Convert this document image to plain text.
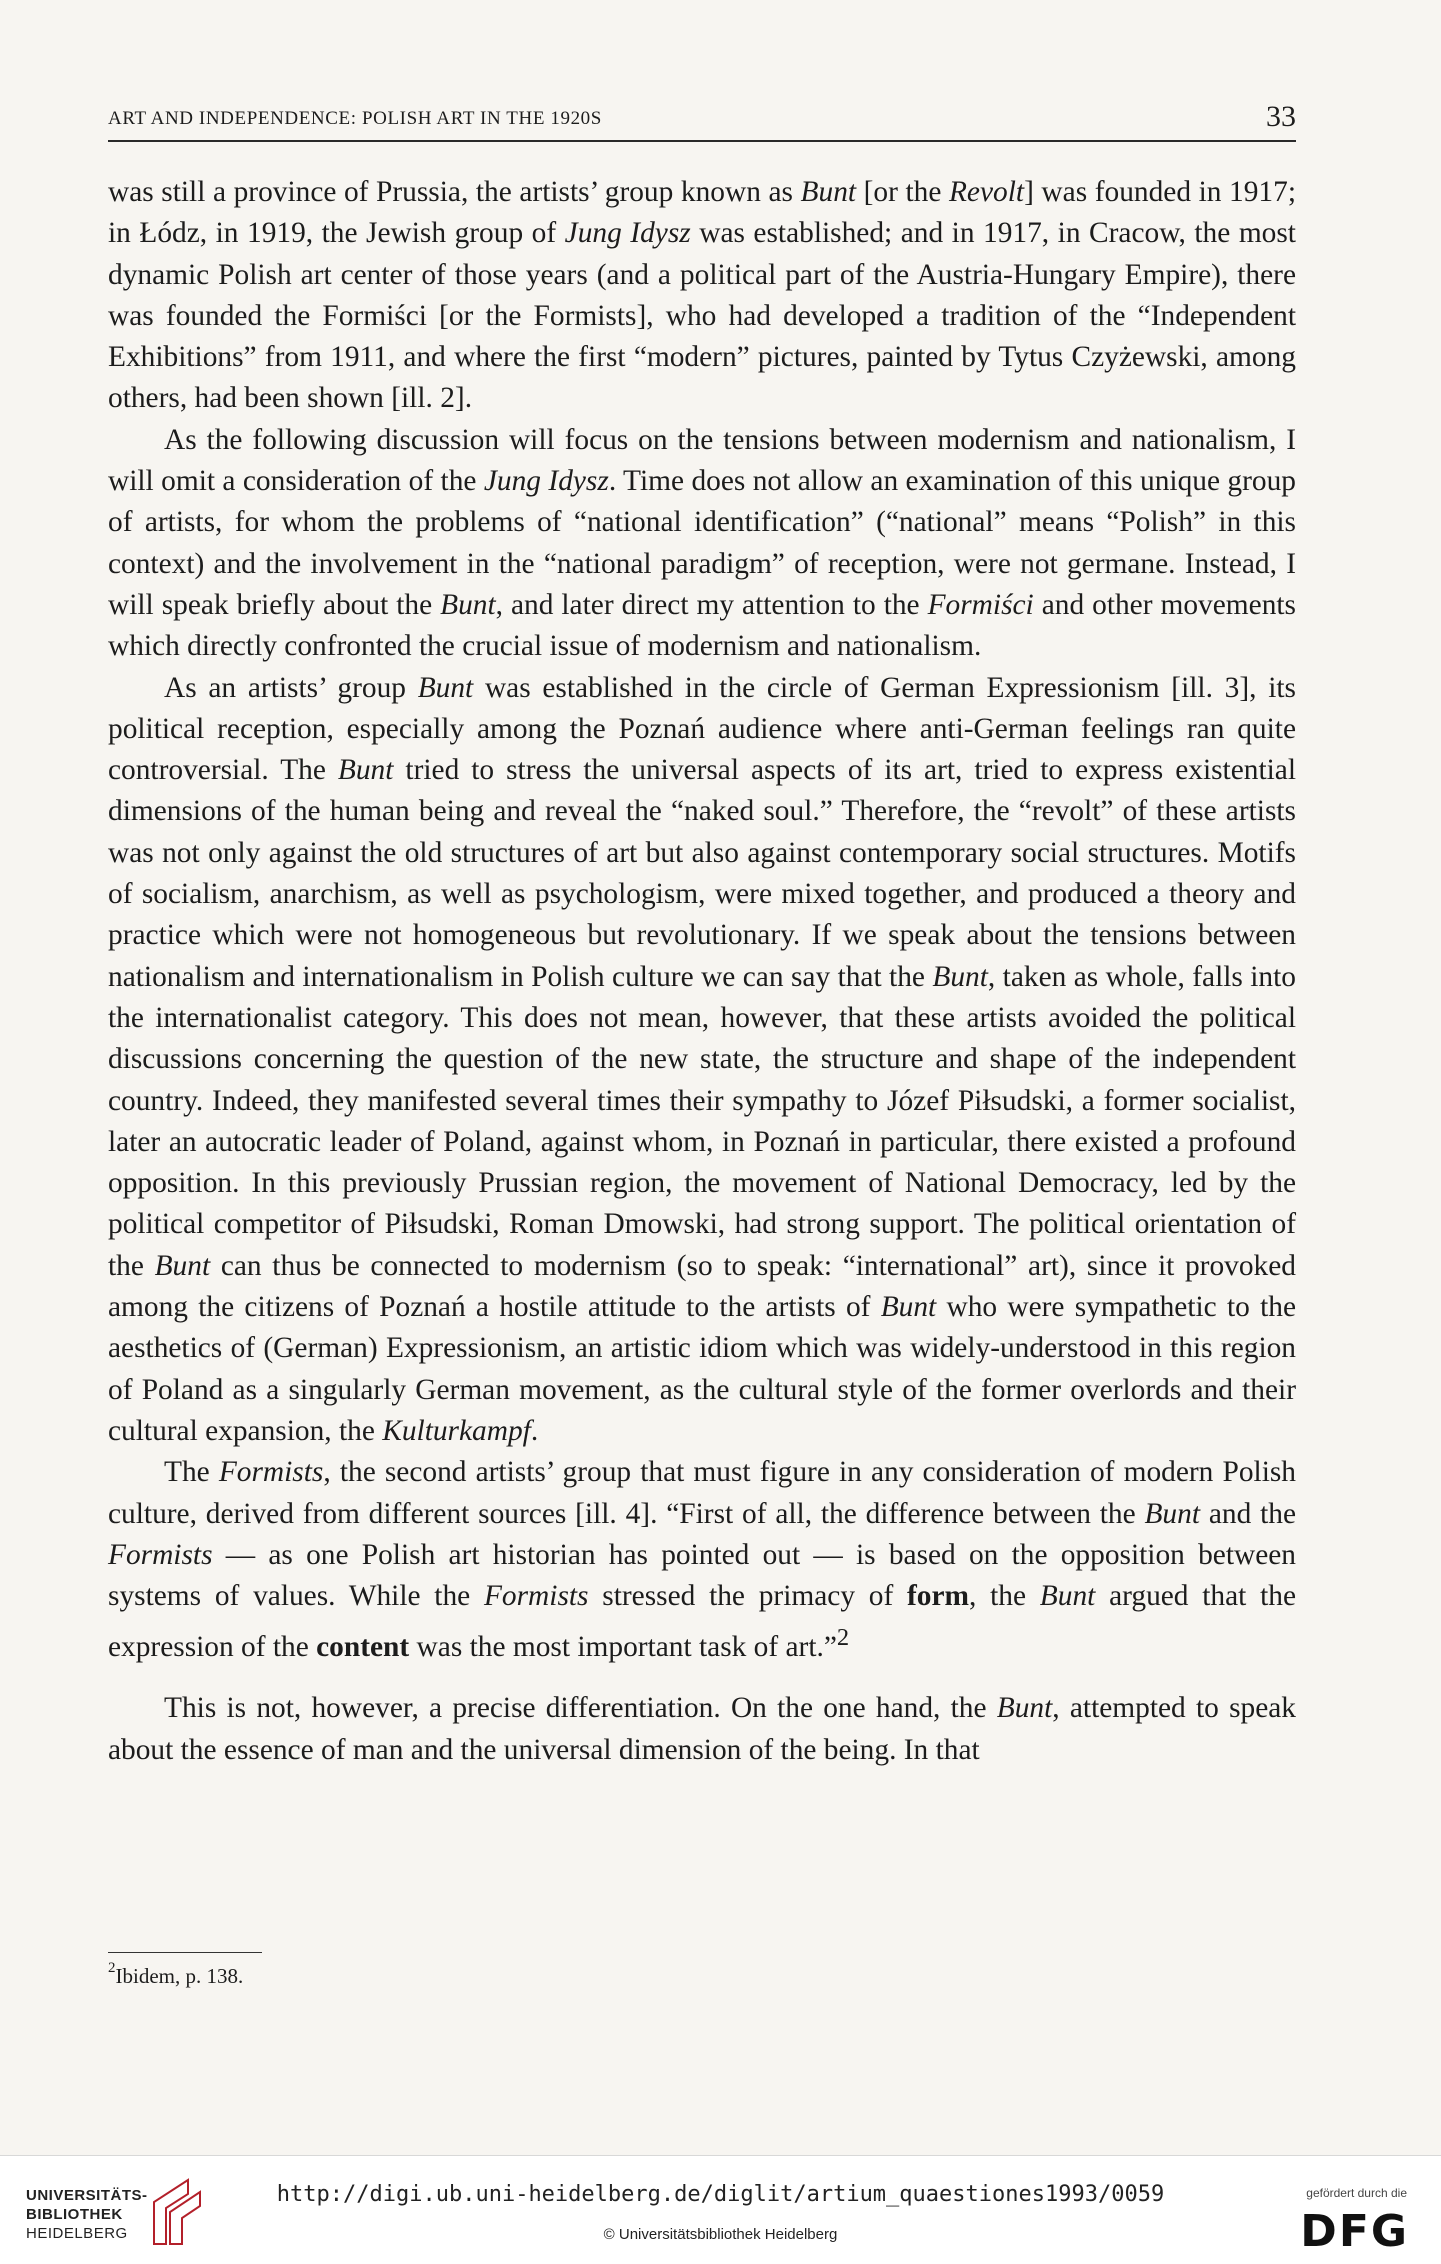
ART AND INDEPENDENCE: POLISH ART IN THE 1920S	33

was still a province of Prussia, the artists’ group known as Bunt [or the Revolt] was founded in 1917; in Łódz, in 1919, the Jewish group of Jung Idysz was established; and in 1917, in Cracow, the most dynamic Polish art center of those years (and a political part of the Austria-Hungary Empire), there was founded the Formiści [or the Formists], who had developed a tradition of the “Independent Exhibitions” from 1911, and where the first “modern” pictures, painted by Tytus Czyżewski, among others, had been shown [ill. 2].

As the following discussion will focus on the tensions between modernism and nationalism, I will omit a consideration of the Jung Idysz. Time does not allow an examination of this unique group of artists, for whom the problems of “national identification” (“national” means “Polish” in this context) and the involvement in the “national paradigm” of reception, were not germane. Instead, I will speak briefly about the Bunt, and later direct my attention to the Formiści and other movements which directly confronted the crucial issue of modernism and nationalism.

As an artists’ group Bunt was established in the circle of German Expressionism [ill. 3], its political reception, especially among the Poznań audience where anti-German feelings ran quite controversial. The Bunt tried to stress the universal aspects of its art, tried to express existential dimensions of the human being and reveal the “naked soul.” Therefore, the “revolt” of these artists was not only against the old structures of art but also against contemporary social structures. Motifs of socialism, anarchism, as well as psychologism, were mixed together, and produced a theory and practice which were not homogeneous but revolutionary. If we speak about the tensions between nationalism and internationalism in Polish culture we can say that the Bunt, taken as whole, falls into the internationalist category. This does not mean, however, that these artists avoided the political discussions concerning the question of the new state, the structure and shape of the independent country. Indeed, they manifested several times their sympathy to Józef Piłsudski, a former socialist, later an autocratic leader of Poland, against whom, in Poznań in particular, there existed a profound opposition. In this previously Prussian region, the movement of National Democracy, led by the political competitor of Piłsudski, Roman Dmowski, had strong support. The political orientation of the Bunt can thus be connected to modernism (so to speak: “international” art), since it provoked among the citizens of Poznań a hostile attitude to the artists of Bunt who were sympathetic to the aesthetics of (German) Expressionism, an artistic idiom which was widely-understood in this region of Poland as a singularly German movement, as the cultural style of the former overlords and their cultural expansion, the Kulturkampf.

The Formists, the second artists’ group that must figure in any consideration of modern Polish culture, derived from different sources [ill. 4]. “First of all, the difference between the Bunt and the Formists — as one Polish art historian has pointed out — is based on the opposition between systems of values. While the Formists stressed the primacy of form, the Bunt argued that the expression of the content was the most important task of art.”$^2$

This is not, however, a precise differentiation. On the one hand, the Bunt, attempted to speak about the essence of man and the universal dimension of the being. In that

$^2$Ibidem, p. 138.
UNIVERSITÄTS-
BIBLIOTHEK
HEIDELBERG
http://digi.ub.uni-heidelberg.de/diglit/artium_quaestiones1993/0059
© Universitätsbibliothek Heidelberg
gefördert durch die
DFG
